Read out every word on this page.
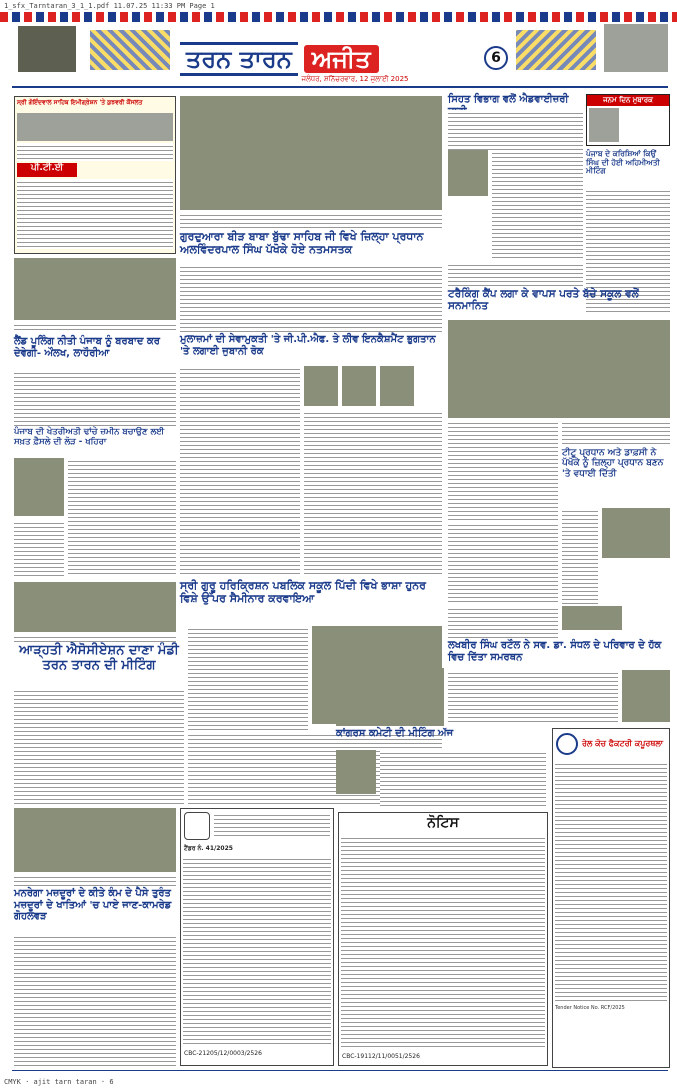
1_sfx_Tarntaran_3_1_1.pdf 11.07.25 11:33 PM Page 1
ਤਰਨ ਤਾਰਨ ਅਜੀਤ	6
ਜਲੰਧਰ, ਸ਼ਨਿੱਚਰਵਾਰ, 12 ਜੁਲਾਈ 2025
ਸ੍ਰੀ ਗੋਇੰਦਵਾਲ ਸਾਹਿਬ ਇਮੀਗ੍ਰੇਸ਼ਨ 'ਤੇ ਕੁਝਵਰੀ ਕੌਂਸਲਤ
ਪੀ.ਟੀ.ਈ
ਲੈਂਡ ਪੂਲਿੰਗ ਨੀਤੀ ਪੰਜਾਬ ਨੂੰ ਬਰਬਾਦ ਕਰ ਦੇਵੇਗੀ- ਔਲਖ, ਲਾਹੌਰੀਆ
ਪੰਜਾਬ ਦੀ ਖੇਤਰੀਅਤੀ ਢਾਂਚੇ ਜ਼ਮੀਨ ਬਚਾਉਣ ਲਈ ਸਖ਼ਤ ਫ਼ੈਸਲੇ ਦੀ ਲੋੜ - ਖਹਿਰਾ
ਗੁਰਦੁਆਰਾ ਬੀੜ ਬਾਬਾ ਬੁੱਢਾ ਸਾਹਿਬ ਜੀ ਵਿਖੇ ਜ਼ਿਲ੍ਹਾ ਪ੍ਰਧਾਨ ਅਲਵਿੰਦਰਪਾਲ ਸਿੰਘ ਪੱਖੋਕੇ ਹੋਏ ਨਤਮਸਤਕ
ਮੁਲਾਜ਼ਮਾਂ ਦੀ ਸੇਵਾਮੁਕਤੀ 'ਤੇ ਜੀ.ਪੀ.ਐਫ. ਤੇ ਲੀਵ ਇਨਕੈਸ਼ਮੈਂਟ ਭੁਗਤਾਨ 'ਤੇ ਲਗਾਈ ਜੁਬਾਨੀ ਰੋਕ
ਸਿਹਤ ਵਿਭਾਗ ਵਲੋਂ ਐਡਵਾਈਜ਼ਰੀ	ਜਨਮ ਦਿਨ ਮੁਬਾਰਕ
ਪੰਜਾਬ ਦੇ ਕਰਿਸ਼ਿਆਂ ਕਿਉਂ ਸਿੰਘ ਦੀ ਹੋਈ ਅਹਿਮੀਅਤੀ ਮੀਟਿੰਗ
ਟਰੈਕਿੰਗ ਕੈਂਪ ਲਗਾ ਕੇ ਵਾਪਸ ਪਰਤੇ ਬੱਚੇ ਸਕੂਲ ਵਲੋਂ ਸਨਮਾਨਿਤ
ਟੀਟੂ ਪ੍ਰਧਾਨ ਅਤੇ ਡਾਫ਼ਸੀ ਨੇ ਪੱਖੋਕੇ ਨੂੰ ਜ਼ਿਲ੍ਹਾ ਪ੍ਰਧਾਨ ਬਣਨ 'ਤੇ ਵਧਾਈ ਦਿੱਤੀ
ਲਖਬੀਰ ਸਿੰਘ ਰਟੌਲ ਨੇ ਸਵ. ਡਾ. ਸੰਧਲ ਦੇ ਪਰਿਵਾਰ ਦੇ ਹੱਕ ਵਿਚ ਦਿੱਤਾ ਸਮਰਥਨ
ਸ੍ਰੀ ਗੁਰੂ ਹਰਿਕ੍ਰਿਸ਼ਨ ਪਬਲਿਕ ਸਕੂਲ ਪਿੱਦੀ ਵਿਖੇ ਭਾਸ਼ਾ ਹੁਨਰ ਵਿਸ਼ੇ ਉੱਪਰ ਸੈਮੀਨਾਰ ਕਰਵਾਇਆ
ਆੜ੍ਹਤੀ ਐਸੋਸੀਏਸ਼ਨ ਦਾਣਾ ਮੰਡੀ ਤਰਨ ਤਾਰਨ ਦੀ ਮੀਟਿੰਗ
ਕਾਂਗਰਸ ਕਮੇਟੀ ਦੀ ਮੀਟਿੰਗ ਅੱਜ
ਰੇਲ ਕੋਚ ਫੈਕਟਰੀ ਕਪੂਰਥਲਾ
Tender Notice No. RCF/2025
ਮਨਰੇਗਾ ਮਜ਼ਦੂਰਾਂ ਦੇ ਕੀਤੇ ਕੰਮ ਦੇ ਪੈਸੇ ਤੁਰੰਤ ਮਜ਼ਦੂਰਾਂ ਦੇ ਖਾਤਿਆਂ 'ਚ ਪਾਏ ਜਾਣ-ਕਾਮਰੇਡ ਗੋਹਲਵੜ
ਟੈਂਡਰ ਨੰ. 41/2025
CBC-21205/12/0003/2526
ਨੋਟਿਸ
CBC-19112/11/0051/2526
CMYK · ajit tarn taran · 6
